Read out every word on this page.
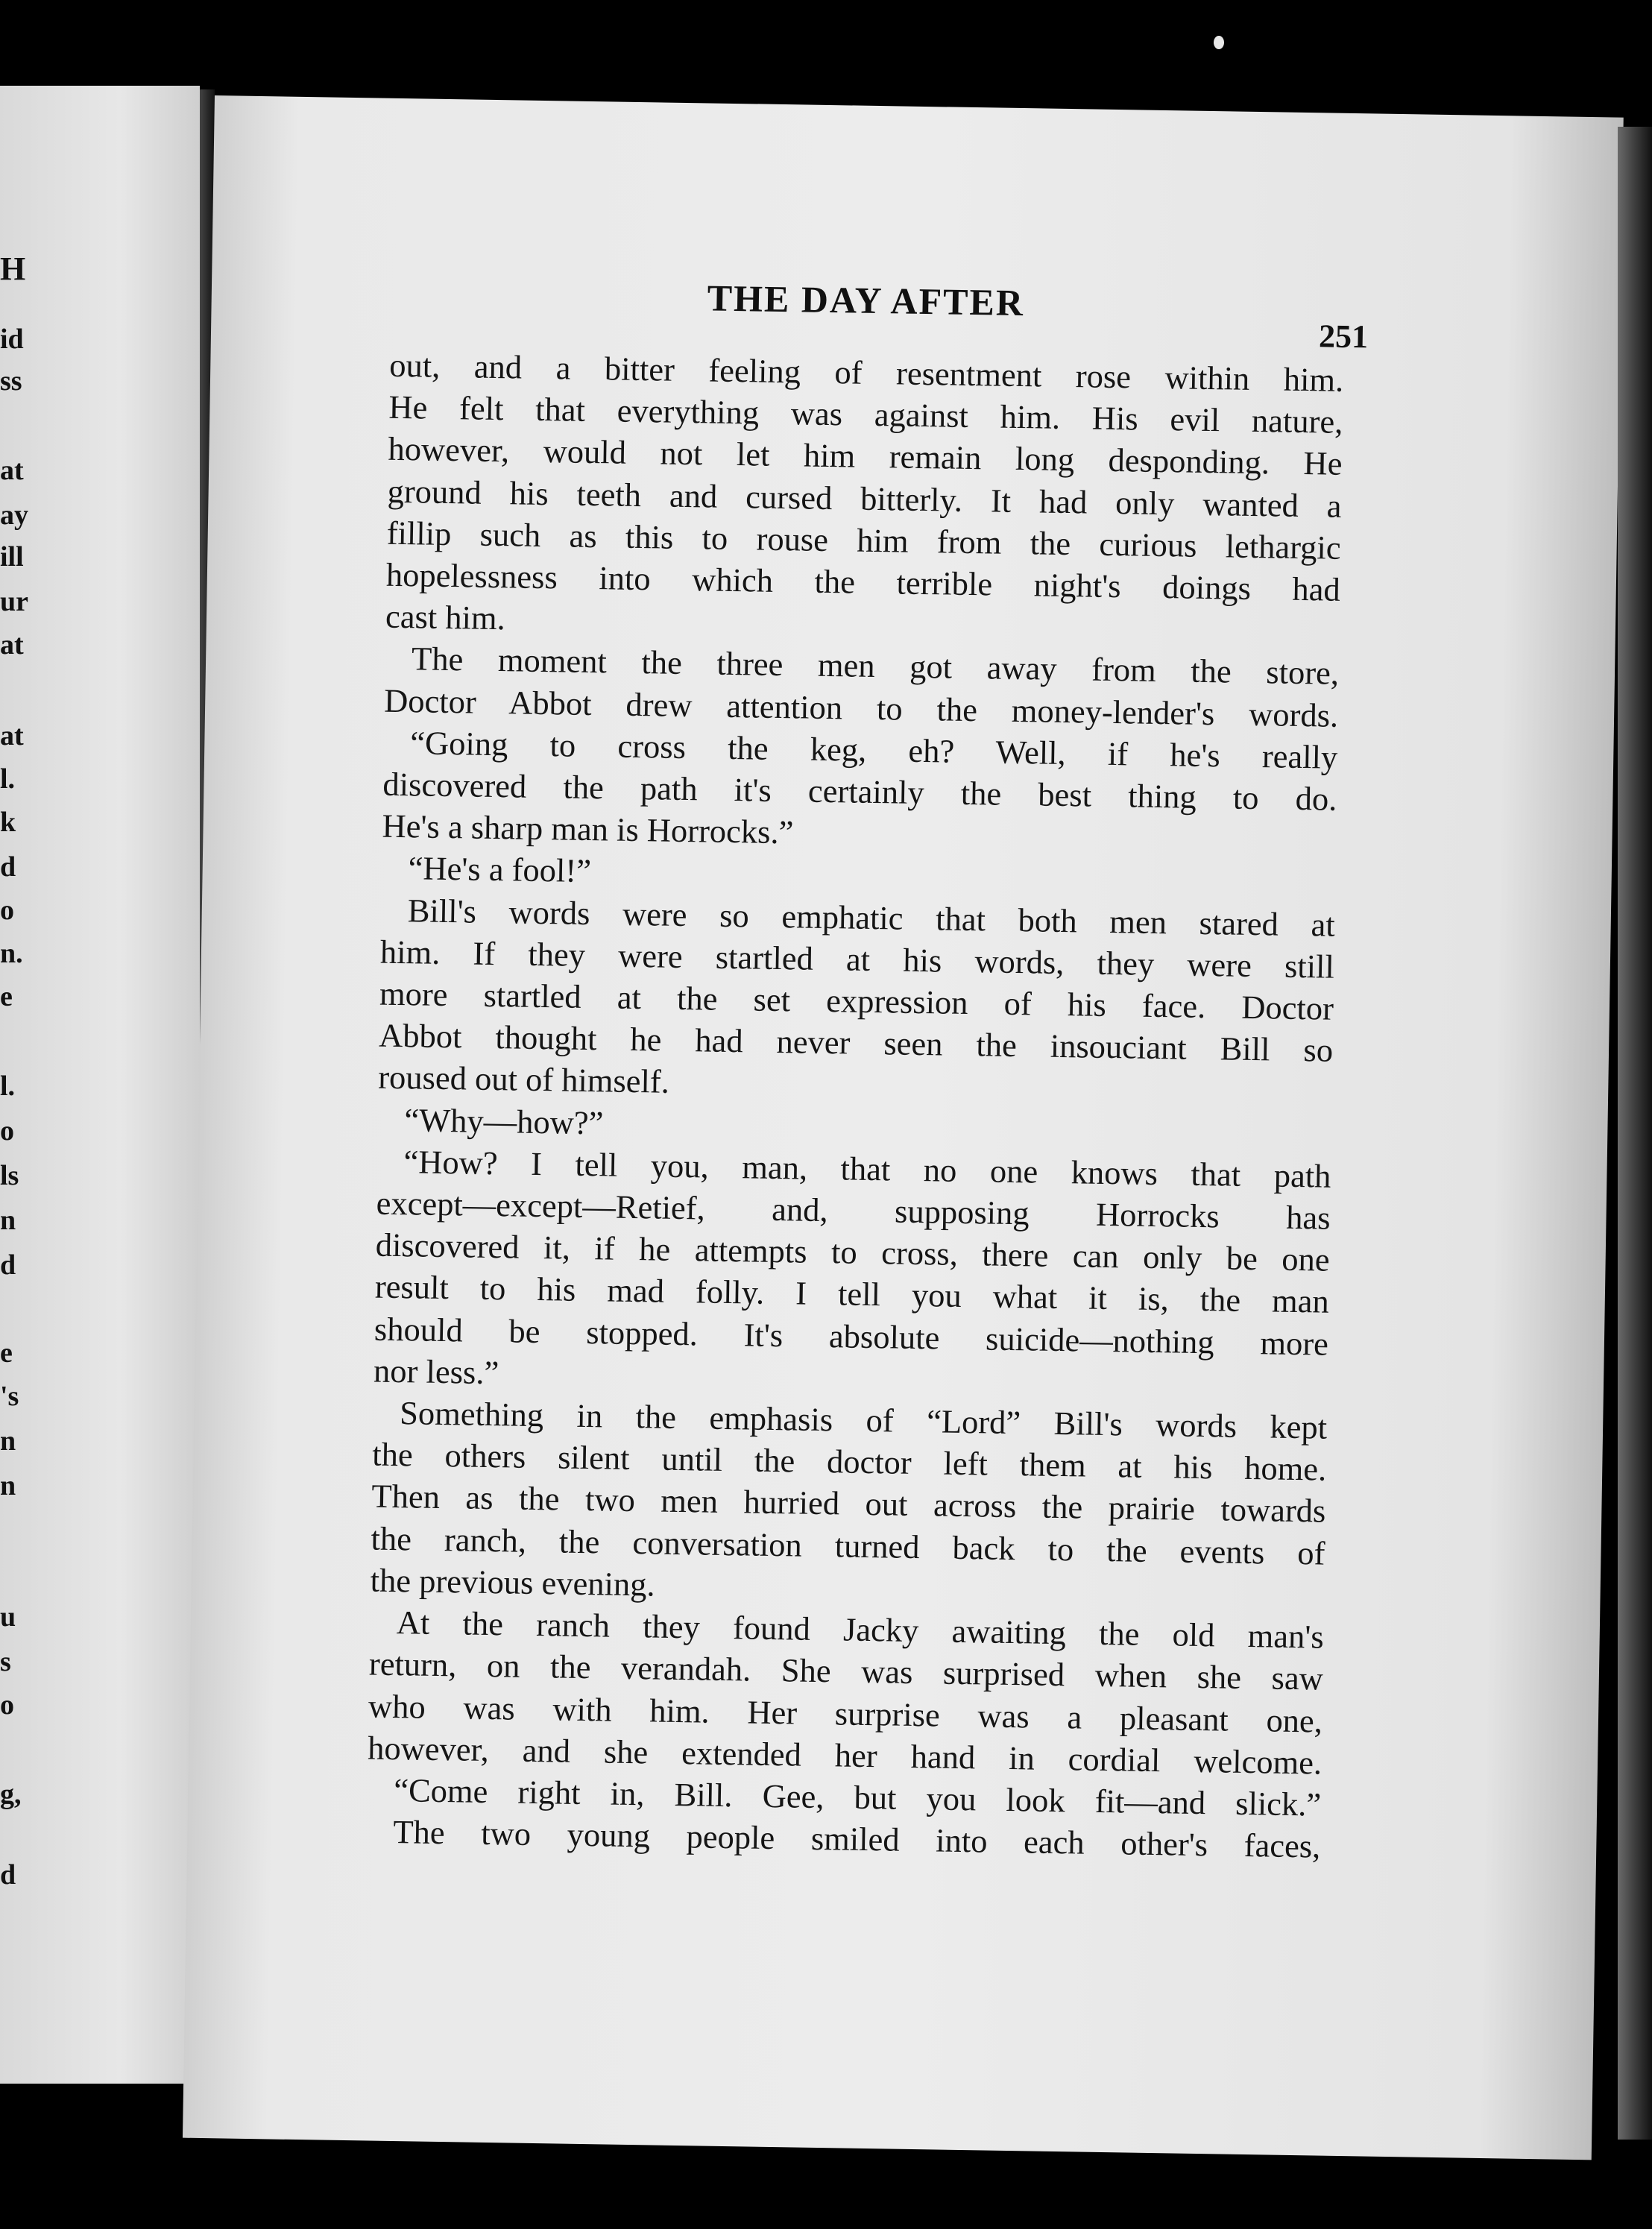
H
id
ss
at
ay
ill
ur
at
at
l.
k
d
o
n.
e
l.
o
ls
n
d
e
's
n
n
u
s
o
g,
d
THE DAY AFTER
251

out, and a bitter feeling of resentment rose within him.
He felt that everything was against him. His evil nature,
however, would not let him remain long desponding. He
ground his teeth and cursed bitterly. It had only wanted a
fillip such as this to rouse him from the curious lethargic
hopelessness into which the terrible night's doings had
cast him.

The moment the three men got away from the store,
Doctor Abbot drew attention to the money-lender's words.

“Going to cross the keg, eh? Well, if he's really
discovered the path it's certainly the best thing to do.
He's a sharp man is Horrocks.”

“He's a fool!”

Bill's words were so emphatic that both men stared at
him. If they were startled at his words, they were still
more startled at the set expression of his face. Doctor
Abbot thought he had never seen the insouciant Bill so
roused out of himself.

“Why—how?”

“How? I tell you, man, that no one knows that path
except—except—Retief, and, supposing Horrocks has
discovered it, if he attempts to cross, there can only be one
result to his mad folly. I tell you what it is, the man
should be stopped. It's absolute suicide—nothing more
nor less.”

Something in the emphasis of “Lord” Bill's words kept
the others silent until the doctor left them at his home.
Then as the two men hurried out across the prairie towards
the ranch, the conversation turned back to the events of
the previous evening.

At the ranch they found Jacky awaiting the old man's
return, on the verandah. She was surprised when she saw
who was with him. Her surprise was a pleasant one,
however, and she extended her hand in cordial welcome.

“Come right in, Bill. Gee, but you look fit—and slick.”

The two young people smiled into each other's faces,
